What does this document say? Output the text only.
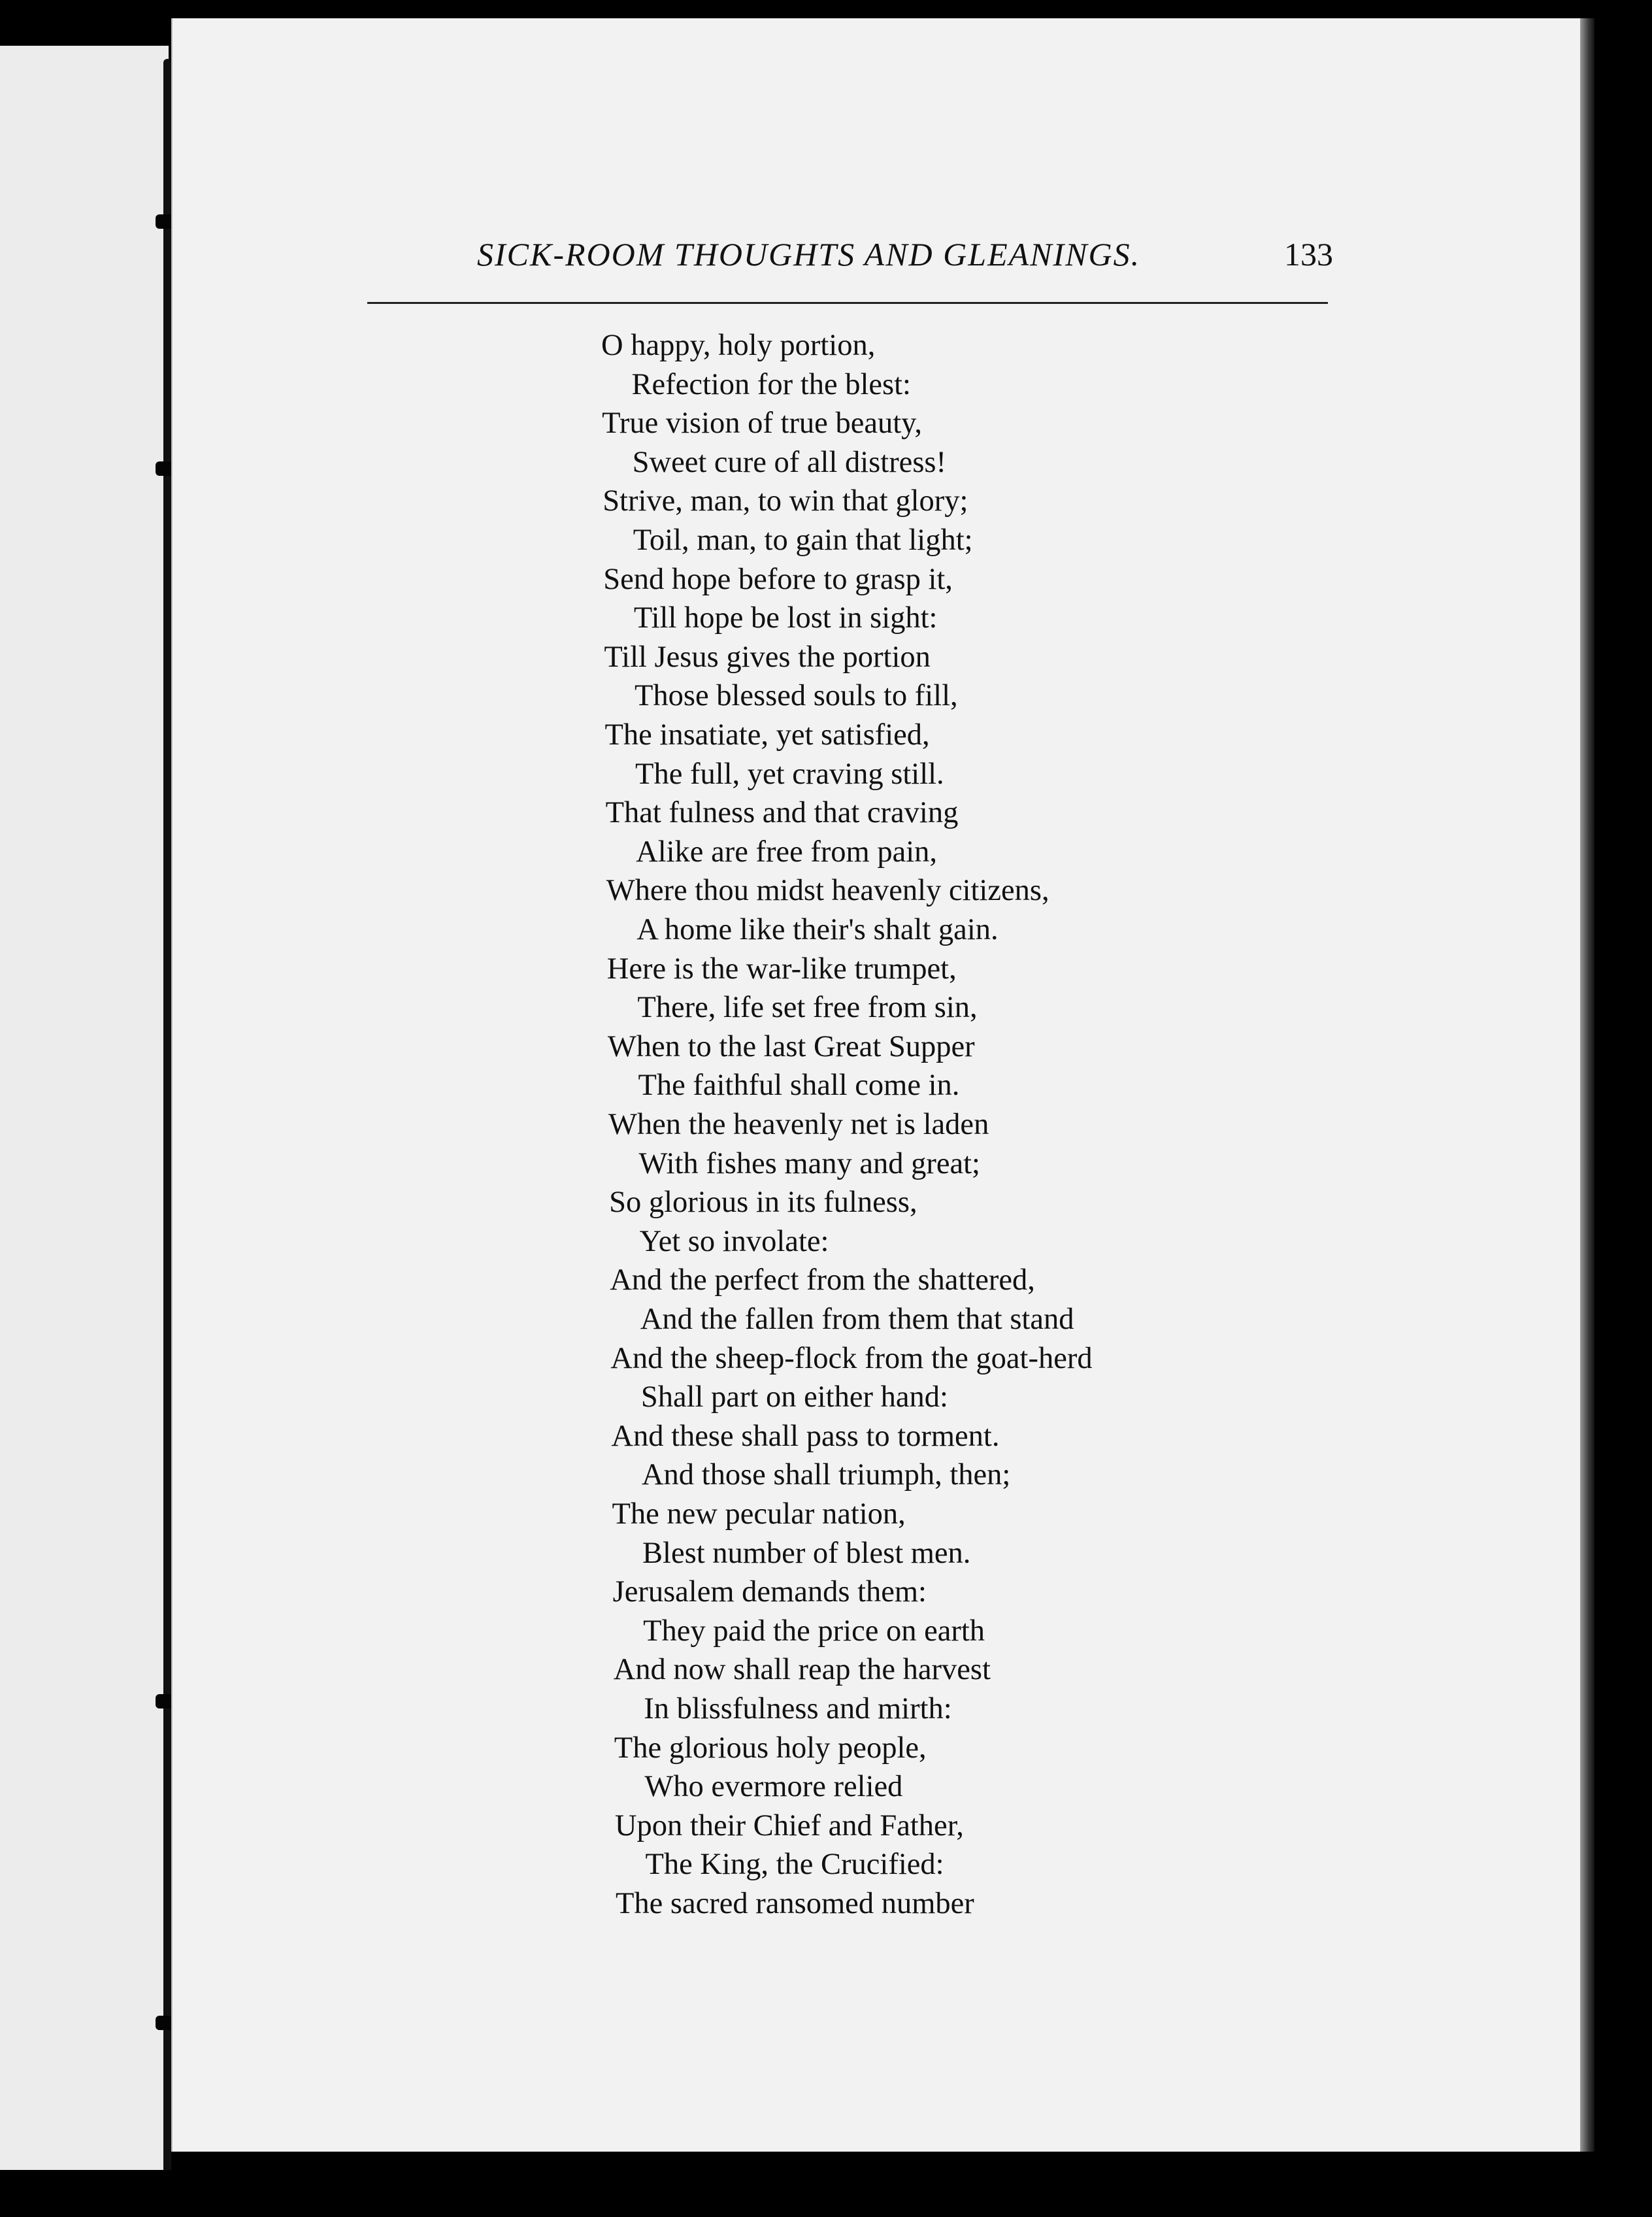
SICK-ROOM THOUGHTS AND GLEANINGS.	133
O happy, holy portion,
Refection for the blest:
True vision of true beauty,
Sweet cure of all distress!
Strive, man, to win that glory;
Toil, man, to gain that light;
Send hope before to grasp it,
Till hope be lost in sight:
Till Jesus gives the portion
Those blessed souls to fill,
The insatiate, yet satisfied,
The full, yet craving still.
That fulness and that craving
Alike are free from pain,
Where thou midst heavenly citizens,
A home like their's shalt gain.
Here is the war-like trumpet,
There, life set free from sin,
When to the last Great Supper
The faithful shall come in.
When the heavenly net is laden
With fishes many and great;
So glorious in its fulness,
Yet so involate:
And the perfect from the shattered,
And the fallen from them that stand
And the sheep-flock from the goat-herd
Shall part on either hand:
And these shall pass to torment.
And those shall triumph, then;
The new pecular nation,
Blest number of blest men.
Jerusalem demands them:
They paid the price on earth
And now shall reap the harvest
In blissfulness and mirth:
The glorious holy people,
Who evermore relied
Upon their Chief and Father,
The King, the Crucified:
The sacred ransomed number
